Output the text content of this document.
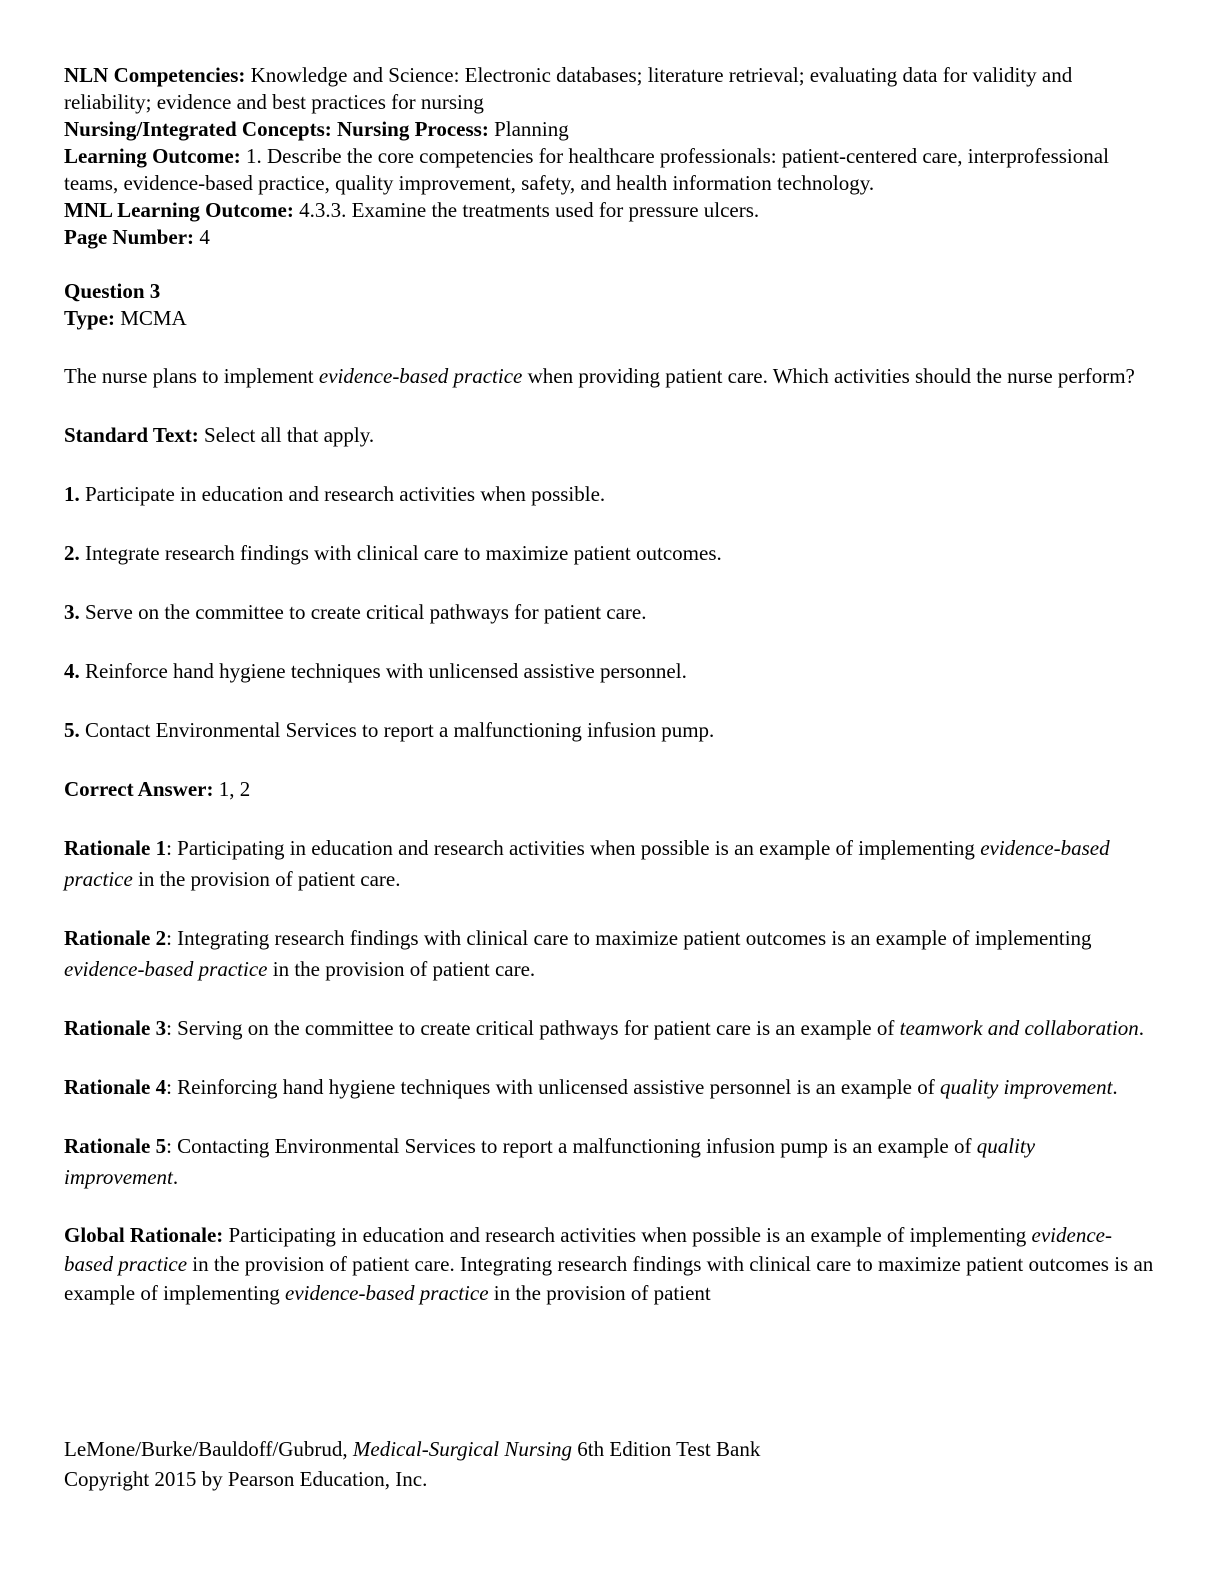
NLN Competencies: Knowledge and Science: Electronic databases; literature retrieval; evaluating data for validity and reliability; evidence and best practices for nursing

Nursing/Integrated Concepts: Nursing Process: Planning

Learning Outcome: 1. Describe the core competencies for healthcare professionals: patient-centered care, interprofessional teams, evidence-based practice, quality improvement, safety, and health information technology.

MNL Learning Outcome: 4.3.3. Examine the treatments used for pressure ulcers.

Page Number: 4

Question 3

Type: MCMA

The nurse plans to implement evidence-based practice when providing patient care. Which activities should the nurse perform?

Standard Text: Select all that apply.

1. Participate in education and research activities when possible.

2. Integrate research findings with clinical care to maximize patient outcomes.

3. Serve on the committee to create critical pathways for patient care.

4. Reinforce hand hygiene techniques with unlicensed assistive personnel.

5. Contact Environmental Services to report a malfunctioning infusion pump.

Correct Answer: 1, 2

Rationale 1: Participating in education and research activities when possible is an example of implementing evidence-based practice in the provision of patient care.

Rationale 2: Integrating research findings with clinical care to maximize patient outcomes is an example of implementing evidence-based practice in the provision of patient care.

Rationale 3: Serving on the committee to create critical pathways for patient care is an example of teamwork and collaboration.

Rationale 4: Reinforcing hand hygiene techniques with unlicensed assistive personnel is an example of quality improvement.

Rationale 5: Contacting Environmental Services to report a malfunctioning infusion pump is an example of quality improvement.

Global Rationale: Participating in education and research activities when possible is an example of implementing evidence-based practice in the provision of patient care. Integrating research findings with clinical care to maximize patient outcomes is an example of implementing evidence-based practice in the provision of patient

LeMone/Burke/Bauldoff/Gubrud, Medical-Surgical Nursing 6th Edition Test Bank
Copyright 2015 by Pearson Education, Inc.
